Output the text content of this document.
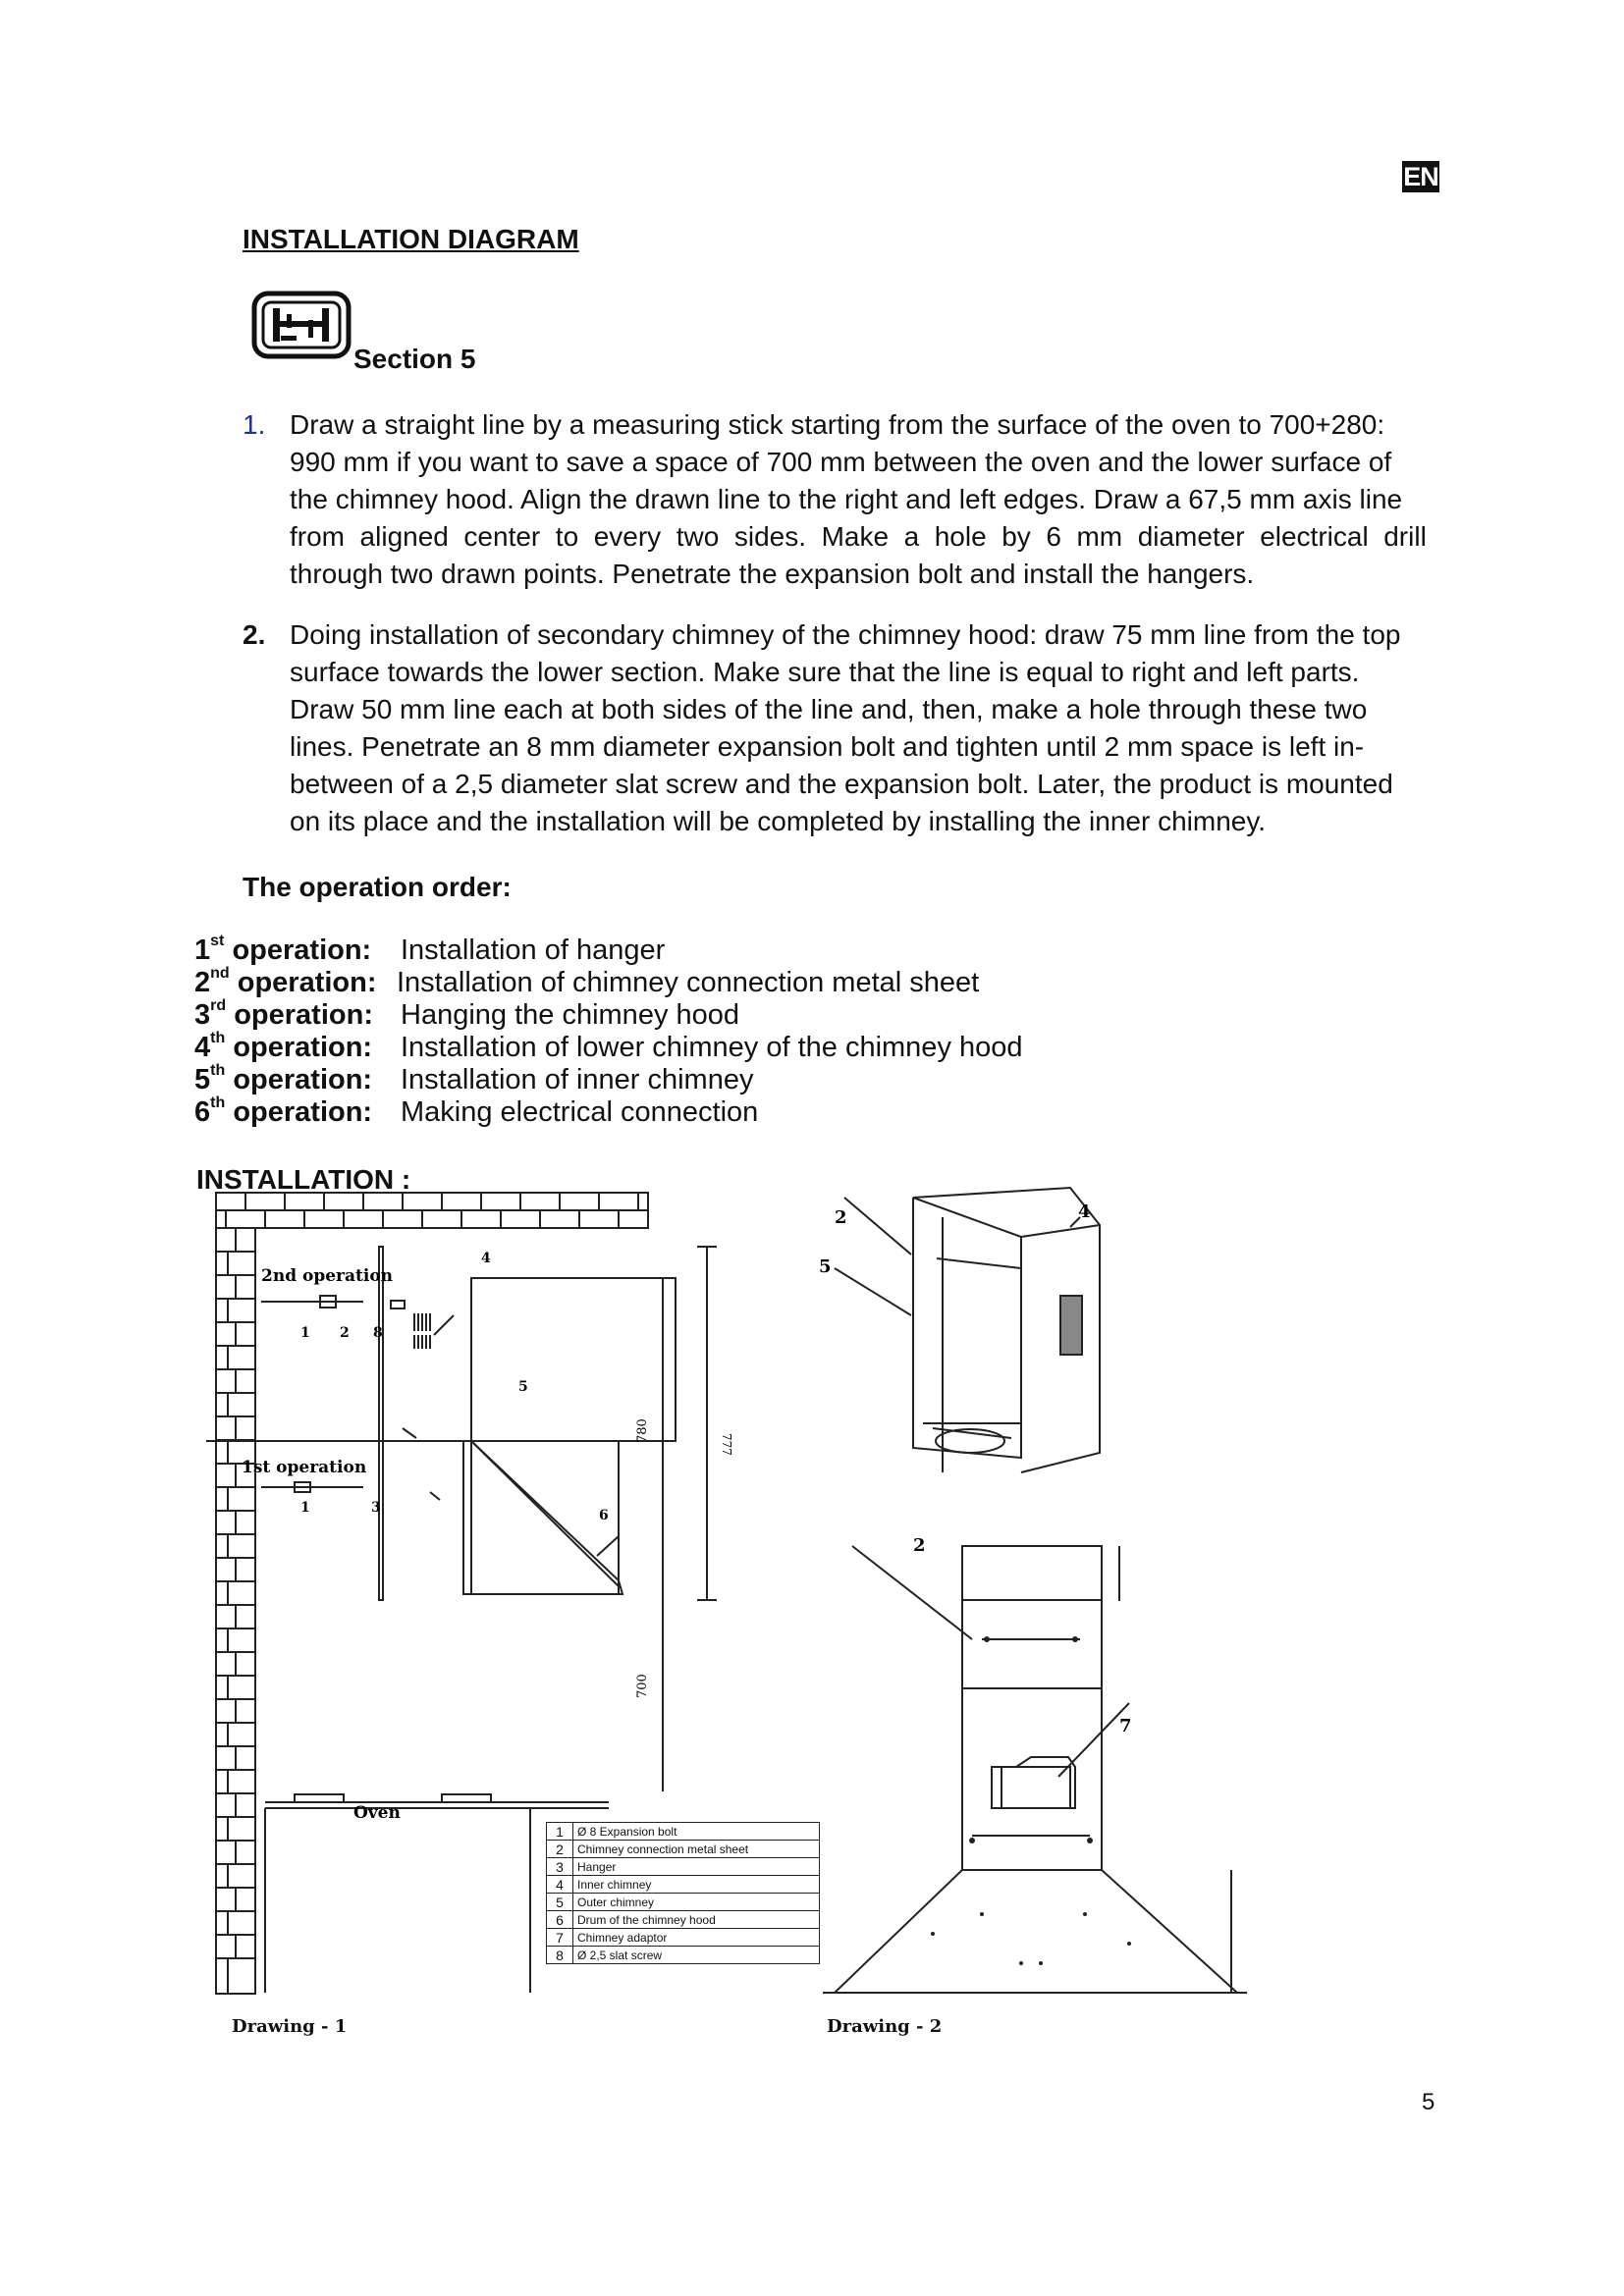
EN
INSTALLATION DIAGRAM
Section 5
1. Draw a straight line by a measuring stick starting from the surface of the oven to 700+280:
990 mm if you want to save a space of 700 mm between the oven and the lower surface of
the chimney hood. Align the drawn line to the right and left edges. Draw a 67,5 mm axis line
from  aligned  center  to  every  two  sides.  Make  a  hole  by  6  mm  diameter  electrical  drill
through two drawn points. Penetrate the expansion bolt and install the hangers.
2. Doing installation of secondary chimney of the chimney hood: draw 75 mm line from the top
surface towards the lower section. Make sure that the line is equal to right and left parts.
Draw 50 mm line each at both sides of the line and, then, make a hole through these two
lines. Penetrate an 8 mm diameter expansion bolt and tighten until 2 mm space is left in-
between of a 2,5 diameter slat screw and the expansion bolt. Later, the product is mounted
on its place and the installation will be completed by installing the inner chimney.
The operation order:
1st operation: Installation of hanger
2nd operation: Installation of chimney connection metal sheet
3rd operation: Hanging the chimney hood
4th operation: Installation of lower chimney of the chimney hood
5th operation: Installation of inner chimney
6th operation: Making electrical connection
INSTALLATION :
2nd operation
1st operation
Oven
780
700
777
1 2 8
1	3
4
5
6
1	Ø 8 Expansion bolt
2	Chimney connection metal sheet
3	Hanger
4	Inner chimney
5	Outer chimney
6	Drum of the chimney hood
7	Chimney adaptor
8	Ø 2,5 slat screw
2	4
5
2
7
Drawing - 1	Drawing - 2
5
